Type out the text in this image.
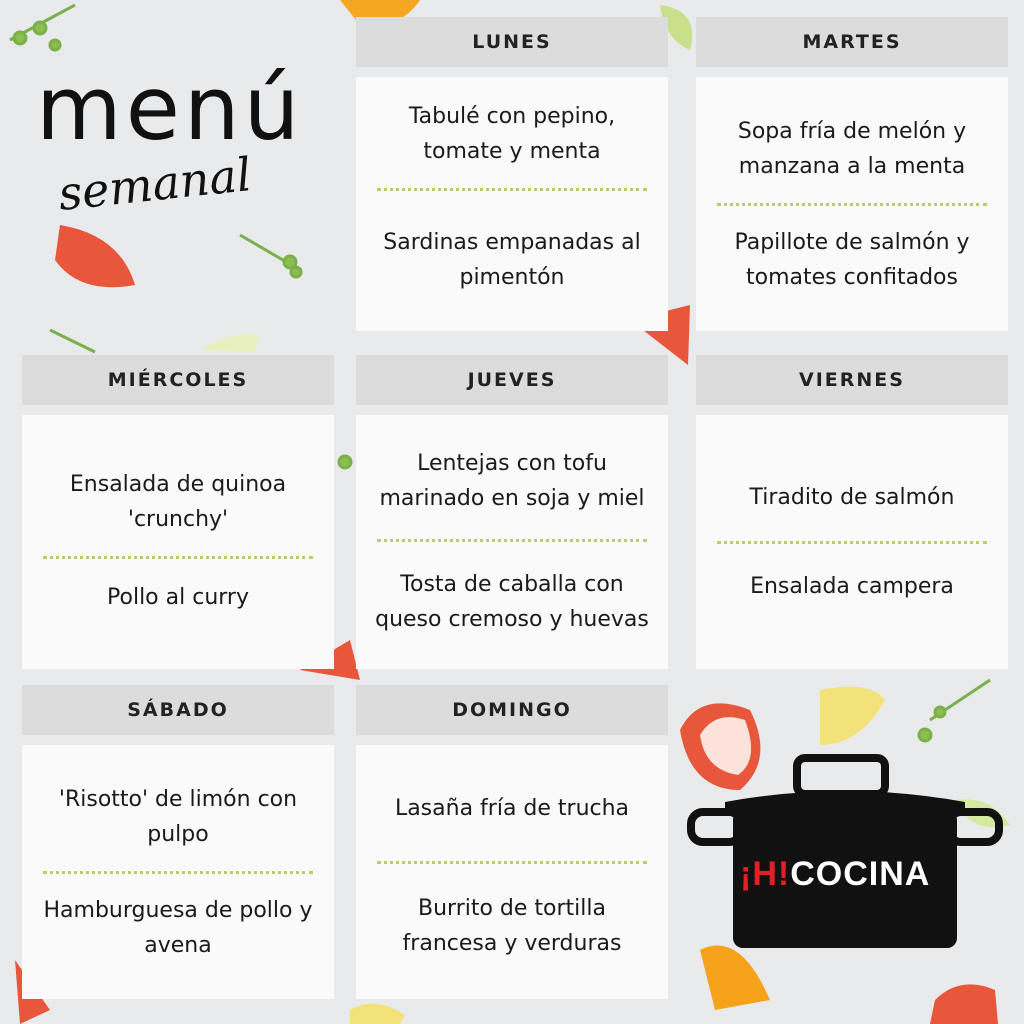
menú
semanal
LUNES
Tabulé con pepino, tomate y menta
Sardinas empanadas al pimentón
MARTES
Sopa fría de melón y manzana a la menta
Papillote de salmón y tomates confitados
MIÉRCOLES
Ensalada de quinoa 'crunchy'
Pollo al curry
JUEVES
Lentejas con tofu marinado en soja y miel
Tosta de caballa con queso cremoso y huevas
VIERNES
Tiradito de salmón
Ensalada campera
SÁBADO
'Risotto' de limón con pulpo
Hamburguesa de pollo y avena
DOMINGO
Lasaña fría de trucha
Burrito de tortilla francesa y verduras
¡H!COCINA
